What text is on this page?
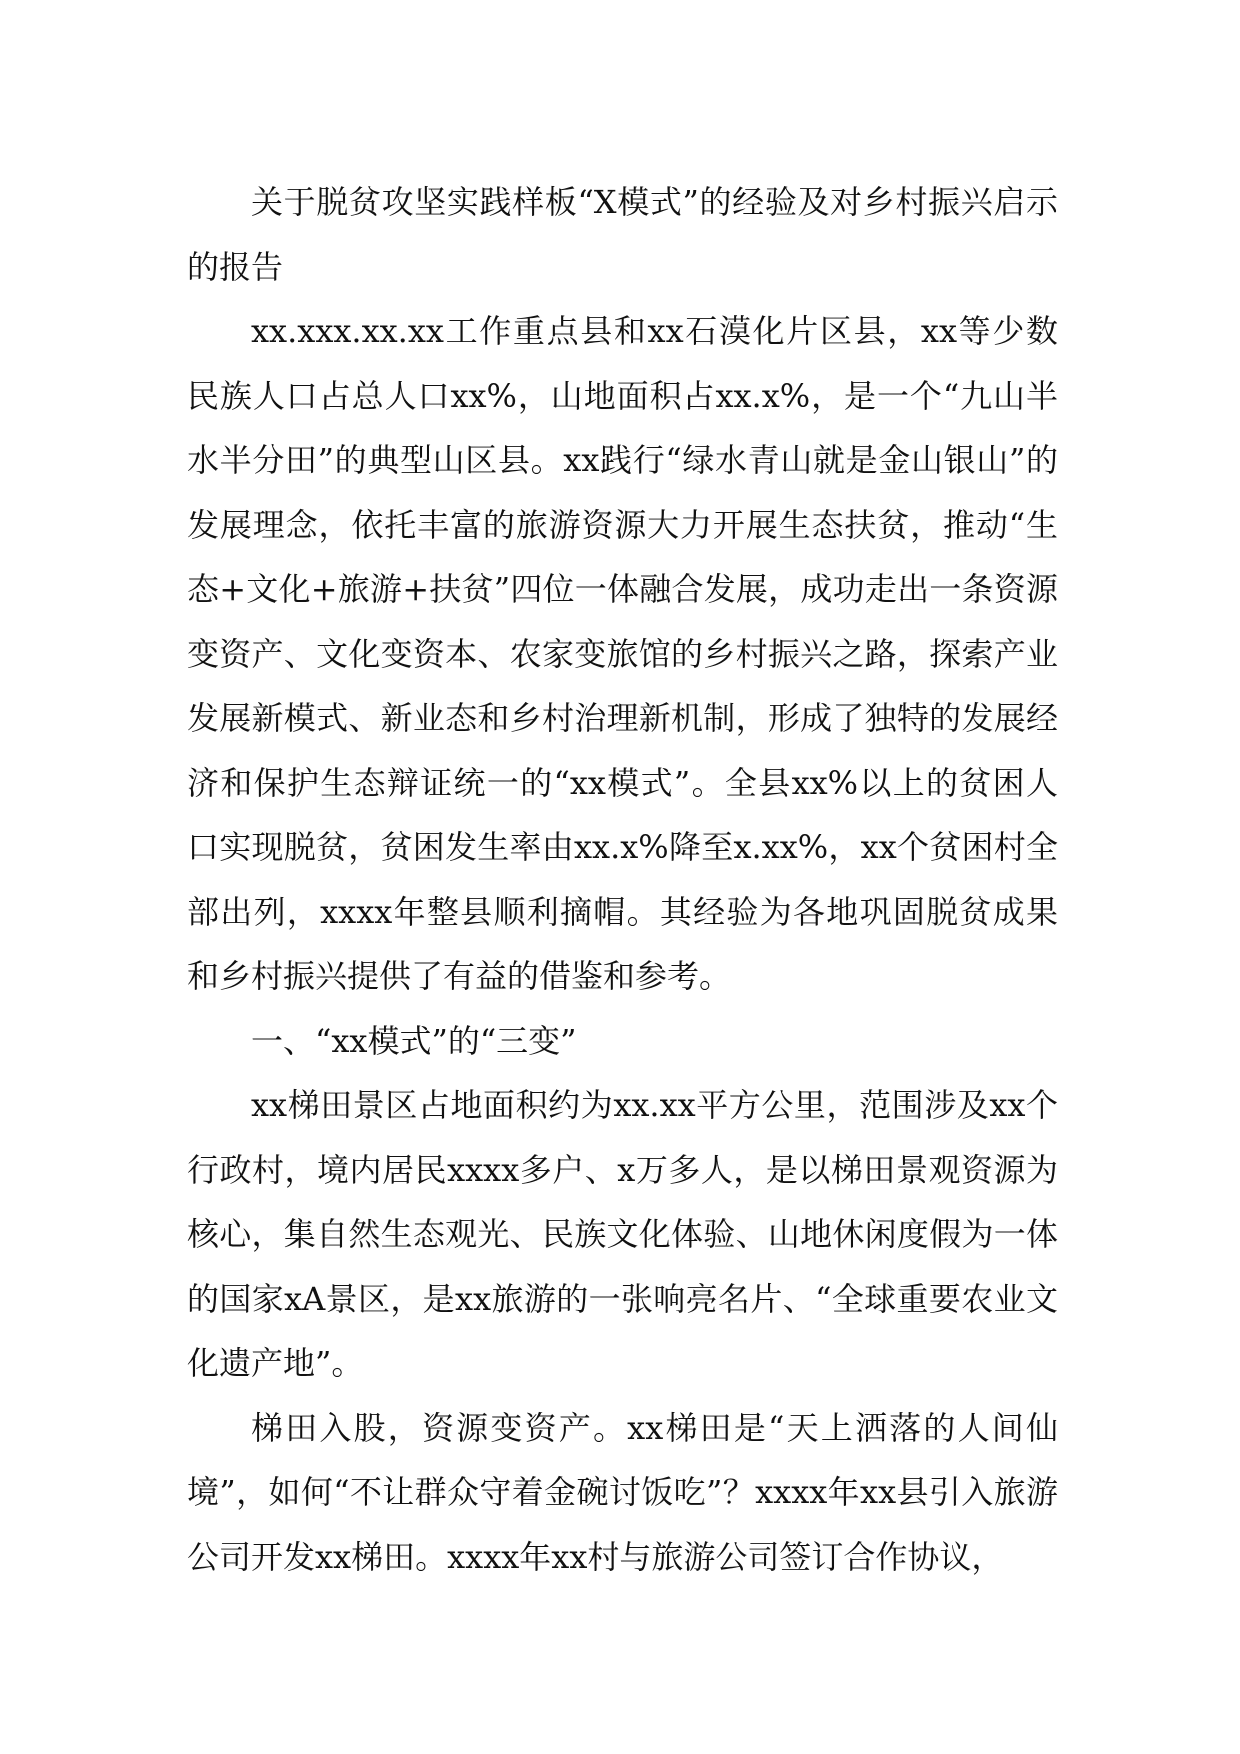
关于脱贫攻坚实践样板“X模式”的经验及对乡村振兴启示的报告

xx.xxx.xx.xx工作重点县和xx石漠化片区县，xx等少数民族人口占总人口xx%，山地面积占xx.x%，是一个“九山半水半分田”的典型山区县。xx践行“绿水青山就是金山银山”的发展理念，依托丰富的旅游资源大力开展生态扶贫，推动“生态+文化+旅游+扶贫”四位一体融合发展，成功走出一条资源变资产、文化变资本、农家变旅馆的乡村振兴之路，探索产业发展新模式、新业态和乡村治理新机制，形成了独特的发展经济和保护生态辩证统一的“xx模式”。全县xx%以上的贫困人口实现脱贫，贫困发生率由xx.x%降至x.xx%，xx个贫困村全部出列，xxxx年整县顺利摘帽。其经验为各地巩固脱贫成果和乡村振兴提供了有益的借鉴和参考。

一、“xx模式”的“三变”

xx梯田景区占地面积约为xx.xx平方公里，范围涉及xx个行政村，境内居民xxxx多户、x万多人，是以梯田景观资源为核心，集自然生态观光、民族文化体验、山地休闲度假为一体的国家xA景区，是xx旅游的一张响亮名片、“全球重要农业文化遗产地”。

梯田入股，资源变资产。xx梯田是“天上洒落的人间仙境”，如何“不让群众守着金碗讨饭吃”？xxxx年xx县引入旅游公司开发xx梯田。xxxx年xx村与旅游公司签订合作协议，
